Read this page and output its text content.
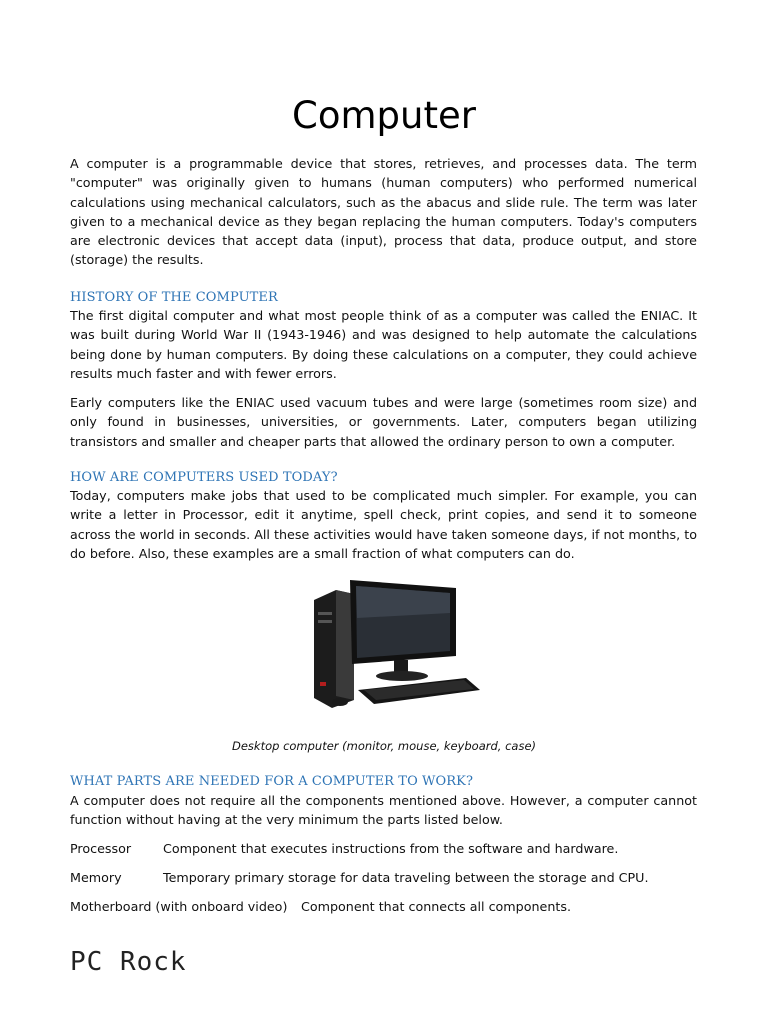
Computer
A computer is a programmable device that stores, retrieves, and processes data. The term "computer" was originally given to humans (human computers) who performed numerical calculations using mechanical calculators, such as the abacus and slide rule. The term was later given to a mechanical device as they began replacing the human computers. Today's computers are electronic devices that accept data (input), process that data, produce output, and store (storage) the results.
HISTORY OF THE COMPUTER
The first digital computer and what most people think of as a computer was called the ENIAC. It was built during World War II (1943-1946) and was designed to help automate the calculations being done by human computers. By doing these calculations on a computer, they could achieve results much faster and with fewer errors.
Early computers like the ENIAC used vacuum tubes and were large (sometimes room size) and only found in businesses, universities, or governments. Later, computers began utilizing transistors and smaller and cheaper parts that allowed the ordinary person to own a computer.
HOW ARE COMPUTERS USED TODAY?
Today, computers make jobs that used to be complicated much simpler. For example, you can write a letter in Processor, edit it anytime, spell check, print copies, and send it to someone across the world in seconds. All these activities would have taken someone days, if not months, to do before. Also, these examples are a small fraction of what computers can do.
Desktop computer (monitor, mouse, keyboard, case)
WHAT PARTS ARE NEEDED FOR A COMPUTER TO WORK?
A computer does not require all the components mentioned above. However, a computer cannot function without having at the very minimum the parts listed below.
Processor	Component that executes instructions from the software and hardware.
Memory	Temporary primary storage for data traveling between the storage and CPU.
Motherboard (with onboard video) Component that connects all components.
PC Rock
